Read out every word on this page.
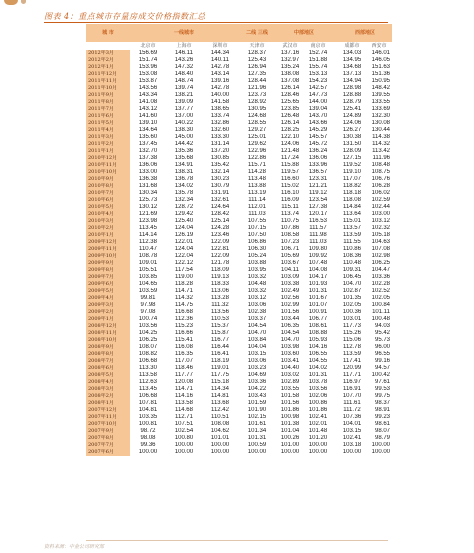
图表 4：重点城市存量房成交价格指数汇总
城 市	一线城市				二线 三线		中部地区			西部地区	
	北京市	上海市	深圳市		天津市		武汉市	南京市		成都市	西安市
2012年3月	156.69	146.11	144.34		128.37		137.16	152.74		134.03	146.01
2012年2月	151.74	143.26	140.11		125.43		132.97	151.88		134.95	146.05
2012年1月	153.96	147.32	142.78		126.94		135.24	155.74		134.68	151.63
2011年12月	153.08	148.40	143.14		127.35		138.08	153.13		137.13	151.36
2011年11月	153.87	148.74	139.16		128.44		137.08	154.23		134.94	150.95
2011年10月	143.56	139.74	142.78		121.96		126.14	142.57		128.98	148.42
2011年9月	143.34	138.21	140.00		123.73		128.46	147.73		128.88	139.55
2011年8月	141.08	139.09	141.58		128.92		125.65	144.00		128.79	133.55
2011年7月	143.12	137.77	138.65		130.95		123.85	139.04		125.41	133.69
2011年6月	141.60	137.00	133.74		124.68		126.48	143.70		124.89	132.30
2011年5月	139.10	140.22	132.86		128.55		126.14	143.66		124.06	130.08
2011年4月	134.64	138.30	132.60		129.27		128.25	145.29		126.27	130.44
2011年3月	135.60	145.00	133.30		125.01		122.10	145.57		130.38	114.38
2011年2月	137.45	144.42	131.14		129.62		124.06	145.72		131.50	114.32
2011年1月	132.70	135.36	137.20		122.96		121.48	136.24		128.09	113.42
2010年12月	137.38	135.68	130.85		122.86		117.24	136.06		127.15	111.96
2010年11月	136.06	134.91	135.42		115.71		115.88	133.96		119.52	108.48
2010年10月	133.00	138.31	132.14		114.28		119.57	136.57		119.10	108.75
2010年9月	136.38	136.78	130.23		113.48		116.60	123.31		117.07	106.76
2010年8月	131.68	134.02	130.79		113.88		115.02	121.21		118.82	106.28
2010年7月	130.34	135.78	131.91		113.19		116.10	119.12		118.18	106.02
2010年6月	125.73	132.34	132.61		111.14		116.09	123.54		118.08	102.59
2010年5月	130.12	128.72	124.64		112.01		115.11	127.38		114.84	102.44
2010年4月	121.69	129.42	128.42		111.03		113.74	120.17		113.64	103.00
2010年3月	123.98	125.40	125.14		107.55		110.75	116.53		115.01	103.12
2010年2月	113.45	124.04	124.28		107.15		107.86	111.57		113.57	102.32
2010年1月	114.14	126.19	123.46		107.50		108.58	111.98		113.59	105.18
2009年12月	112.38	122.01	122.09		106.86		107.23	111.03		111.55	104.63
2009年11月	110.47	124.04	122.81		106.30		106.71	109.80		110.86	107.08
2009年10月	108.78	122.04	122.09		105.24		105.69	109.92		108.36	102.98
2009年9月	109.01	122.12	121.78		103.88		103.67	107.48		110.48	106.25
2009年8月	105.51	117.54	118.09		103.95		104.11	104.08		109.31	104.47
2009年7月	103.85	119.00	119.13		103.32		103.09	104.17		106.45	103.36
2009年6月	104.65	118.28	118.33		104.48		103.38	101.93		104.70	102.28
2009年5月	103.59	114.71	113.06		103.32		102.49	101.31		102.87	102.52
2009年4月	99.81	114.32	113.28		103.12		102.56	101.67		101.35	102.05
2009年3月	97.98	114.75	111.32		103.06		102.99	101.07		102.05	100.84
2009年2月	97.08	116.68	113.56		102.38		101.56	100.91		100.36	101.11
2009年1月	100.74	112.36	110.53		103.37		103.44	106.77		103.01	100.48
2008年12月	103.56	115.23	115.37		104.54		106.35	108.61		117.73	94.03
2008年11月	104.25	116.66	115.87		104.70		104.54	108.88		115.26	95.42
2008年10月	106.25	115.41	116.77		103.84		104.70	105.93		115.06	95.73
2008年9月	108.07	116.08	116.44		104.04		103.98	104.16		112.78	96.00
2008年8月	108.82	116.35	116.41		103.15		103.60	106.55		113.59	96.55
2008年7月	106.68	117.07	118.19		103.06		103.41	104.55		117.41	99.16
2008年6月	113.30	118.46	119.01		103.23		104.40	104.02		120.99	94.57
2008年5月	113.58	117.77	117.75		104.69		103.02	101.31		117.71	100.42
2008年4月	112.63	120.08	115.18		103.36		102.89	103.78		116.97	97.61
2008年3月	113.45	114.71	114.34		104.22		103.55	103.56		116.91	99.53
2008年2月	106.68	114.16	114.81		103.43		101.58	102.06		107.70	99.75
2008年1月	107.81	113.58	113.68		101.59		101.56	100.86		111.61	98.37
2007年12月	104.81	114.68	112.42		101.90		101.86	101.86		111.72	98.91
2007年11月	103.35	112.71	110.51		102.15		100.98	102.41		107.36	99.23
2007年10月	100.81	107.51	108.08		101.61		101.38	102.01		104.01	98.61
2007年9月	98.72	102.54	104.62		101.34		101.04	101.48		103.15	98.07
2007年8月	98.08	100.80	101.01		101.31		100.26	101.20		102.41	98.79
2007年7月	99.36	100.00	100.00		100.59		101.00	100.00		103.18	100.00
2007年6月	100.00	100.00	100.00		100.00		100.00	100.00		100.00	100.00
资料来源：中金公司研究部
